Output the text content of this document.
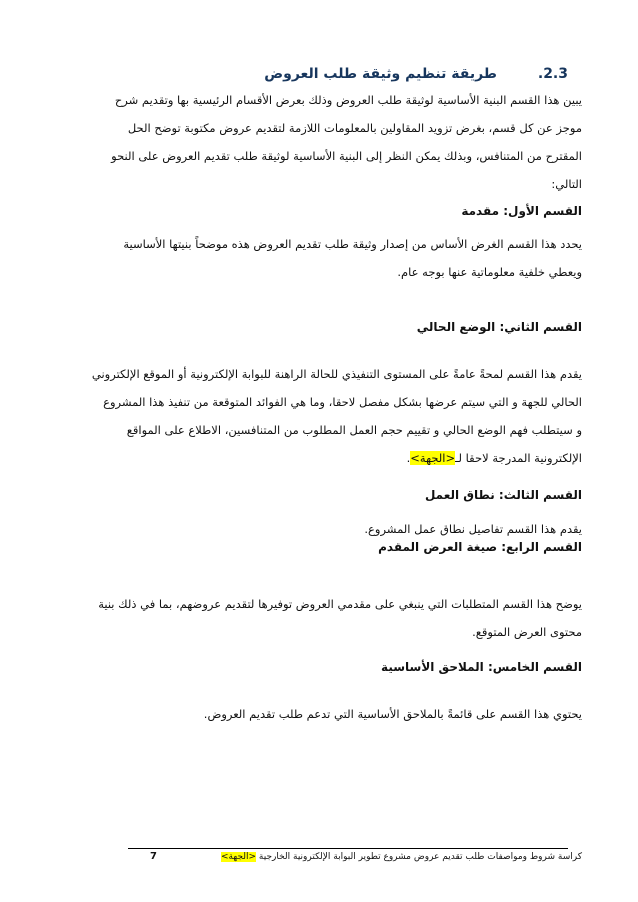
2.3. طريقة تنظيم وثيقة طلب العروض
يبين هذا القسم البنية الأساسية لوثيقة طلب العروض وذلك بعرض الأقسام الرئيسية بها وتقديم شرح
موجز عن كل قسم، بغرض تزويد المقاولين بالمعلومات اللازمة لتقديم عروض مكتوبة توضح الحل
المقترح من المتنافس، وبذلك يمكن النظر إلى البنية الأساسية لوثيقة طلب تقديم العروض على النحو
التالي:
القسم الأول: مقدمة
يحدد هذا القسم الغرض الأساس من إصدار وثيقة طلب تقديم العروض هذه موضحاً بنيتها الأساسية
ويعطي خلفية معلوماتية عنها بوجه عام.
القسم الثاني: الوضع الحالي
يقدم هذا القسم لمحةً عامةً على المستوى التنفيذي للحالة الراهنة للبوابة الإلكترونية أو الموقع الإلكتروني
الحالي للجهة و التي سيتم عرضها بشكل مفصل لاحقا، وما هي الفوائد المتوقعة من تنفيذ هذا المشروع
و سيتطلب فهم الوضع الحالي و تقييم حجم العمل المطلوب من المتنافسين، الاطلاع على المواقع
الإلكترونية المدرجة لاحقا لـ<الجهة>.
القسم الثالث: نطاق العمل
يقدم هذا القسم تفاصيل نطاق عمل المشروع.
القسم الرابع: صيغة العرض المقدم
يوضح هذا القسم المتطلبات التي ينبغي على مقدمي العروض توفيرها لتقديم عروضهم، بما في ذلك بنية
محتوى العرض المتوقع.
القسم الخامس: الملاحق الأساسية
يحتوي هذا القسم على قائمةً بالملاحق الأساسية التي تدعم طلب تقديم العروض.
كراسة شروط ومواصفات طلب تقديم عروض مشروع تطوير البوابة الإلكترونية الخارجية <الجهة>
7
